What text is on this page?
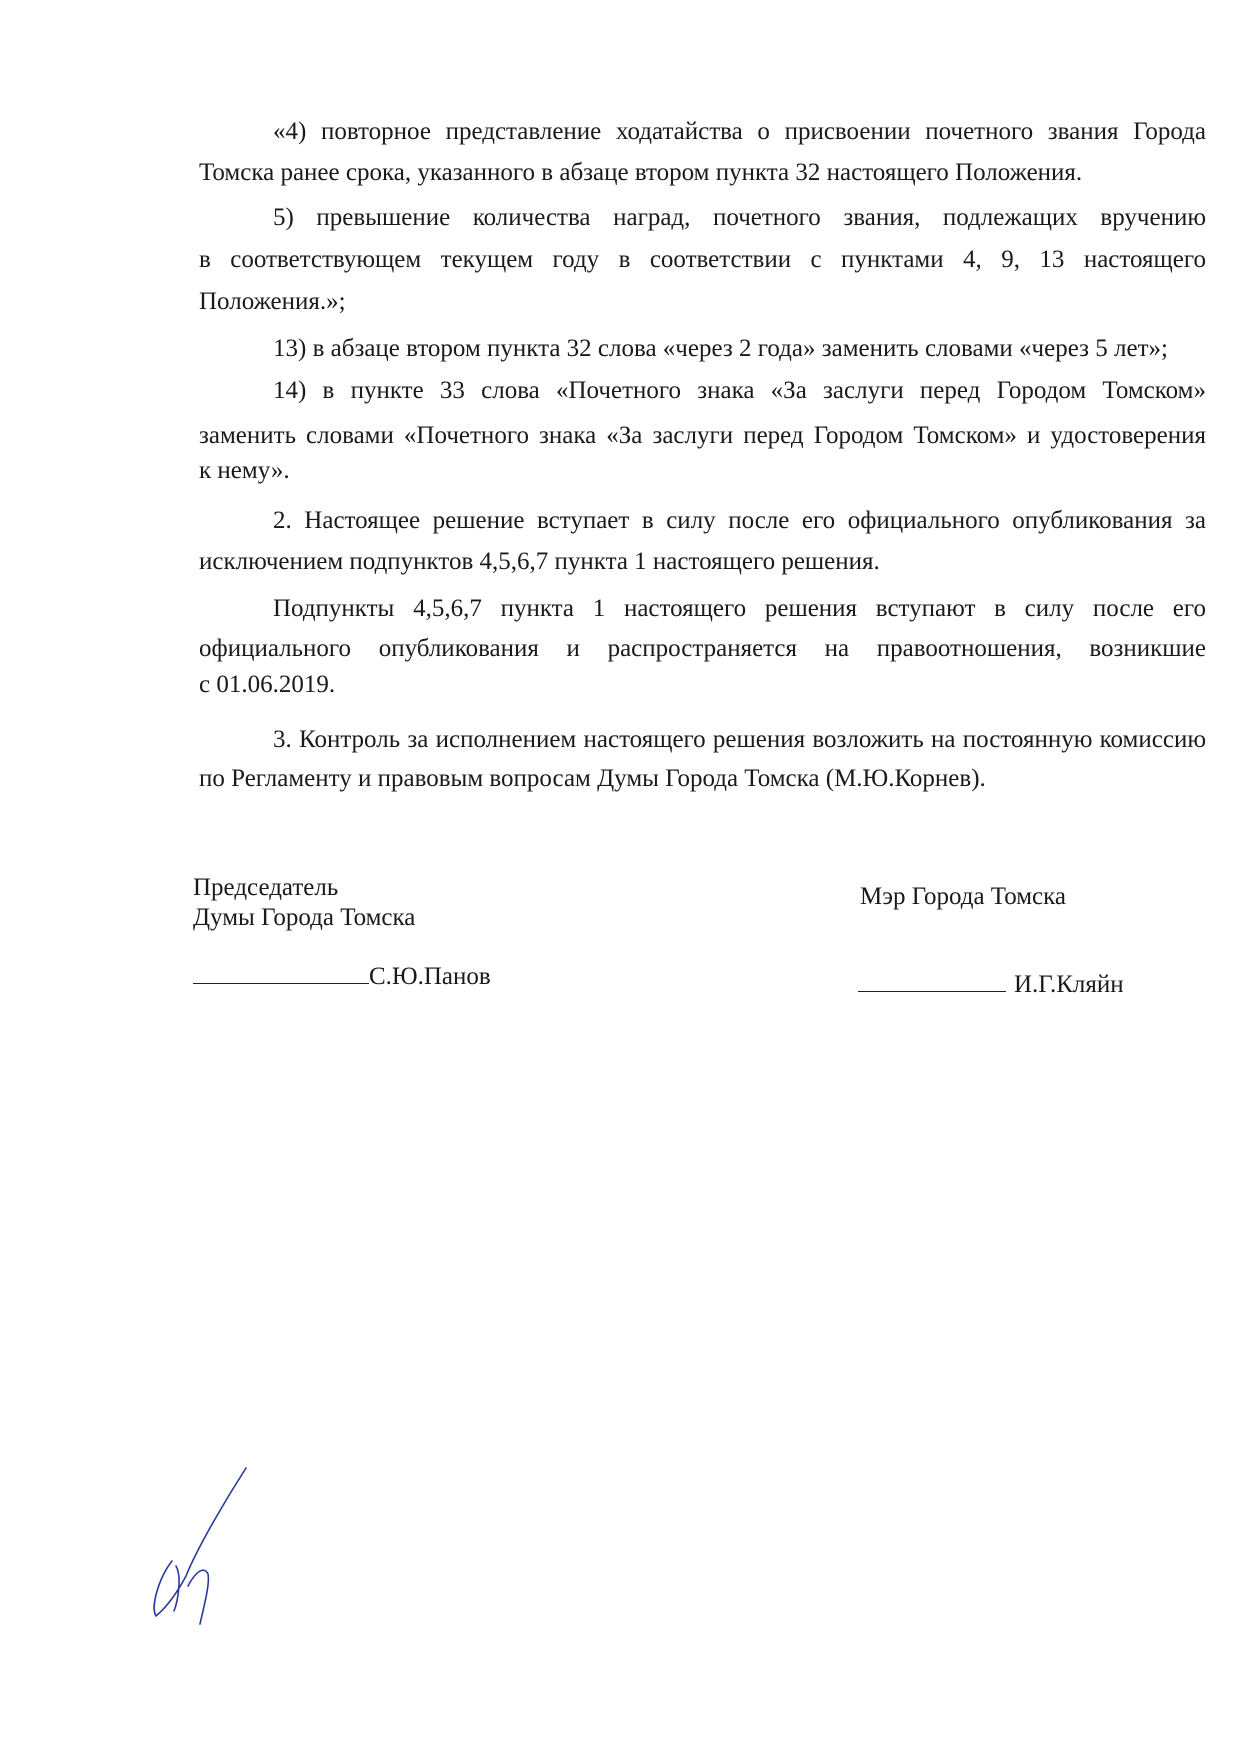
«4) повторное представление ходатайства о присвоении почетного звания Города
Томска ранее срока, указанного в абзаце втором пункта 32 настоящего Положения.
5) превышение количества наград, почетного звания, подлежащих вручению
в соответствующем текущем году в соответствии с пунктами 4, 9, 13 настоящего
Положения.»;
13) в абзаце втором пункта 32 слова «через 2 года» заменить словами «через 5 лет»;
14) в пункте 33 слова «Почетного знака «За заслуги перед Городом Томском»
заменить словами «Почетного знака «За заслуги перед Городом Томском» и удостоверения
к нему».
2. Настоящее решение вступает в силу после его официального опубликования за
исключением подпунктов 4,5,6,7 пункта 1 настоящего решения.
Подпункты 4,5,6,7 пункта 1 настоящего решения вступают в силу после его
официального опубликования и распространяется на правоотношения, возникшие
с 01.06.2019.
3. Контроль за исполнением настоящего решения возложить на постоянную комиссию
по Регламенту и правовым вопросам Думы Города Томска (М.Ю.Корнев).
Председатель
Думы Города Томска
С.Ю.Панов
Мэр Города Томска
И.Г.Кляйн
